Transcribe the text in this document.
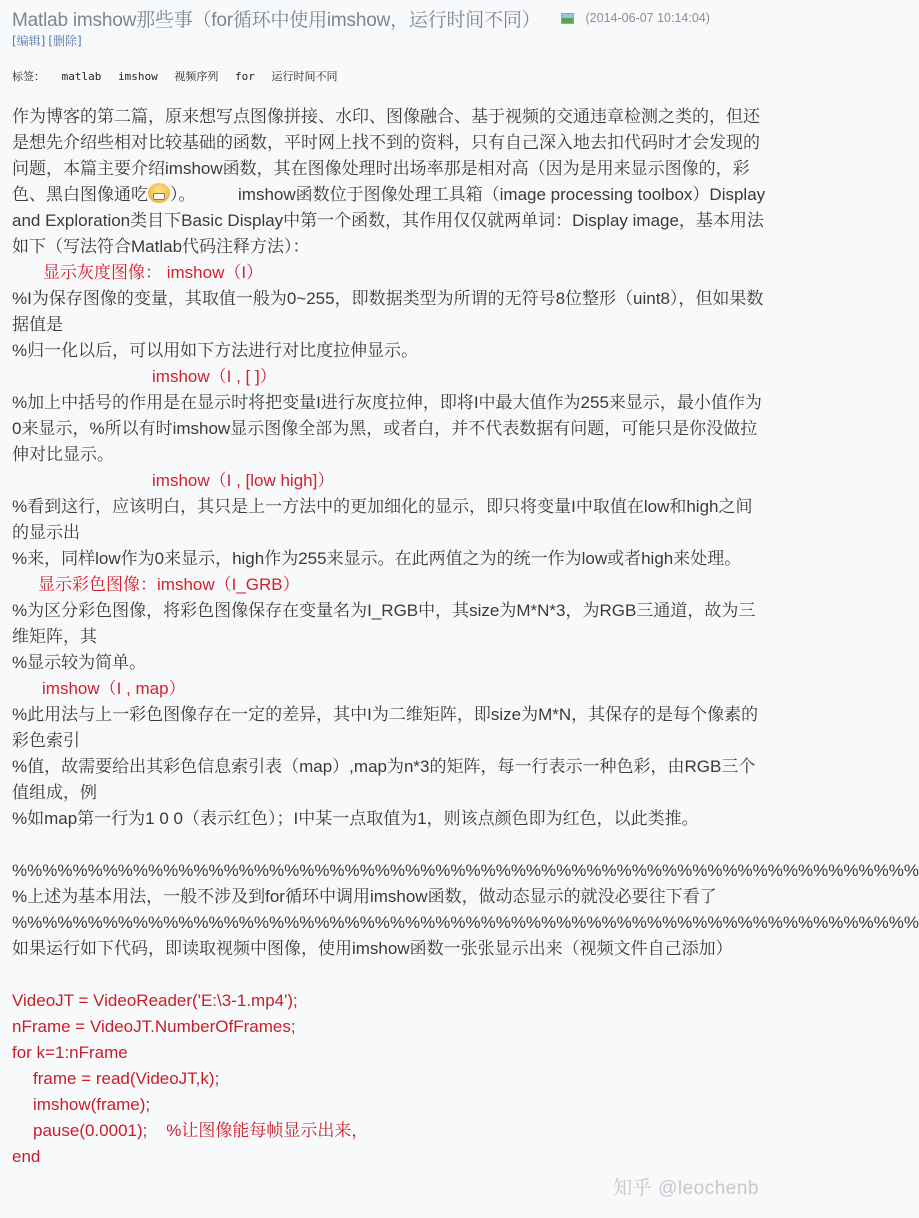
Matlab imshow那些事（for循环中使用imshow，运行时间不同）	(2014-06-07 10:14:04)
[编辑] [删除]
标签： matlab imshow 视频序列 for 运行时间不同

作为博客的第二篇，原来想写点图像拼接、水印、图像融合、基于视频的交通违章检测之类的，但还是想先介绍些相对比较基础的函数，平时网上找不到的资料，只有自己深入地去扣代码时才会发现的问题，本篇主要介绍imshow函数，其在图像处理时出场率那是相对高（因为是用来显示图像的，彩色、黑白图像通吃 ）。	imshow函数位于图像处理工具箱（image processing toolbox）Display and Exploration类目下Basic Display中第一个函数，其作用仅仅就两单词：Display image，基本用法如下（写法符合Matlab代码注释方法）：

显示灰度图像： imshow（I）

%I为保存图像的变量，其取值一般为0~255，即数据类型为所谓的无符号8位整形（uint8），但如果数据值是

%归一化以后，可以用如下方法进行对比度拉伸显示。

imshow（I , [ ]）

%加上中括号的作用是在显示时将把变量I进行灰度拉伸，即将I中最大值作为255来显示，最小值作为0来显示，%所以有时imshow显示图像全部为黑，或者白，并不代表数据有问题，可能只是你没做拉伸对比显示。

imshow（I , [low high]）

%看到这行，应该明白，其只是上一方法中的更加细化的显示，即只将变量I中取值在low和high之间的显示出

%来，同样low作为0来显示，high作为255来显示。在此两值之为的统一作为low或者high来处理。

显示彩色图像：imshow（I_GRB）

%为区分彩色图像，将彩色图像保存在变量名为I_RGB中，其size为M*N*3，为RGB三通道，故为三维矩阵，其

%显示较为简单。

imshow（I , map）

%此用法与上一彩色图像存在一定的差异，其中I为二维矩阵，即size为M*N，其保存的是每个像素的彩色索引

%值，故需要给出其彩色信息索引表（map）,map为n*3的矩阵，每一行表示一种色彩，由RGB三个值组成，例

%如map第一行为1 0 0（表示红色）；I中某一点取值为1，则该点颜色即为红色，以此类推。

%%%%%%%%%%%%%%%%%%%%%%%%%%%%%%%%%%%%%%%%%%%%%%%%%%%%%%%%%%%%

%上述为基本用法，一般不涉及到for循环中调用imshow函数，做动态显示的就没必要往下看了

%%%%%%%%%%%%%%%%%%%%%%%%%%%%%%%%%%%%%%%%%%%%%%%%%%%%%%%%%%%%

如果运行如下代码，即读取视频中图像，使用imshow函数一张张显示出来（视频文件自己添加）

VideoJT = VideoReader('E:\3-1.mp4');

nFrame = VideoJT.NumberOfFrames;

for k=1:nFrame

frame = read(VideoJT,k);

imshow(frame);

pause(0.0001);    %让图像能每帧显示出来，

end

知乎 @leochenb
